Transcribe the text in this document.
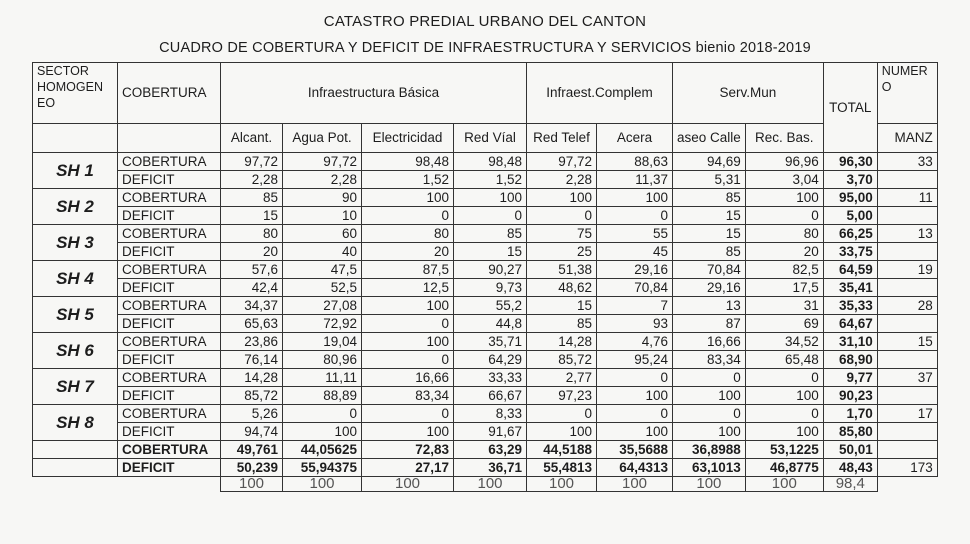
CATASTRO PREDIAL URBANO DEL CANTON
CUADRO DE COBERTURA Y DEFICIT DE INFRAESTRUCTURA Y SERVICIOS bienio 2018-2019
SECTOR HOMOGEN EO	COBERTURA	Infraestructura Básica				Infraest.Complem		Serv.Mun		TOTAL	NUMER O
		Alcant.	Agua Pot.	Electricidad	Red Víal	Red Telef	Acera	aseo Calle	Rec. Bas.		MANZ
SH 1	COBERTURA	97,72	97,72	98,48	98,48	97,72	88,63	94,69	96,96	96,30	33
	DEFICIT	2,28	2,28	1,52	1,52	2,28	11,37	5,31	3,04	3,70	
SH 2	COBERTURA	85	90	100	100	100	100	85	100	95,00	11
	DEFICIT	15	10	0	0	0	0	15	0	5,00	
SH 3	COBERTURA	80	60	80	85	75	55	15	80	66,25	13
	DEFICIT	20	40	20	15	25	45	85	20	33,75	
SH 4	COBERTURA	57,6	47,5	87,5	90,27	51,38	29,16	70,84	82,5	64,59	19
	DEFICIT	42,4	52,5	12,5	9,73	48,62	70,84	29,16	17,5	35,41	
SH 5	COBERTURA	34,37	27,08	100	55,2	15	7	13	31	35,33	28
	DEFICIT	65,63	72,92	0	44,8	85	93	87	69	64,67	
SH 6	COBERTURA	23,86	19,04	100	35,71	14,28	4,76	16,66	34,52	31,10	15
	DEFICIT	76,14	80,96	0	64,29	85,72	95,24	83,34	65,48	68,90	
SH 7	COBERTURA	14,28	11,11	16,66	33,33	2,77	0	0	0	9,77	37
	DEFICIT	85,72	88,89	83,34	66,67	97,23	100	100	100	90,23	
SH 8	COBERTURA	5,26	0	0	8,33	0	0	0	0	1,70	17
	DEFICIT	94,74	100	100	91,67	100	100	100	100	85,80	
	COBERTURA	49,761	44,05625	72,83	63,29	44,5188	35,5688	36,8988	53,1225	50,01	
	DEFICIT	50,239	55,94375	27,17	36,71	55,4813	64,4313	63,1013	46,8775	48,43	173
		100	100	100	100	100	100	100	100	98,4	
